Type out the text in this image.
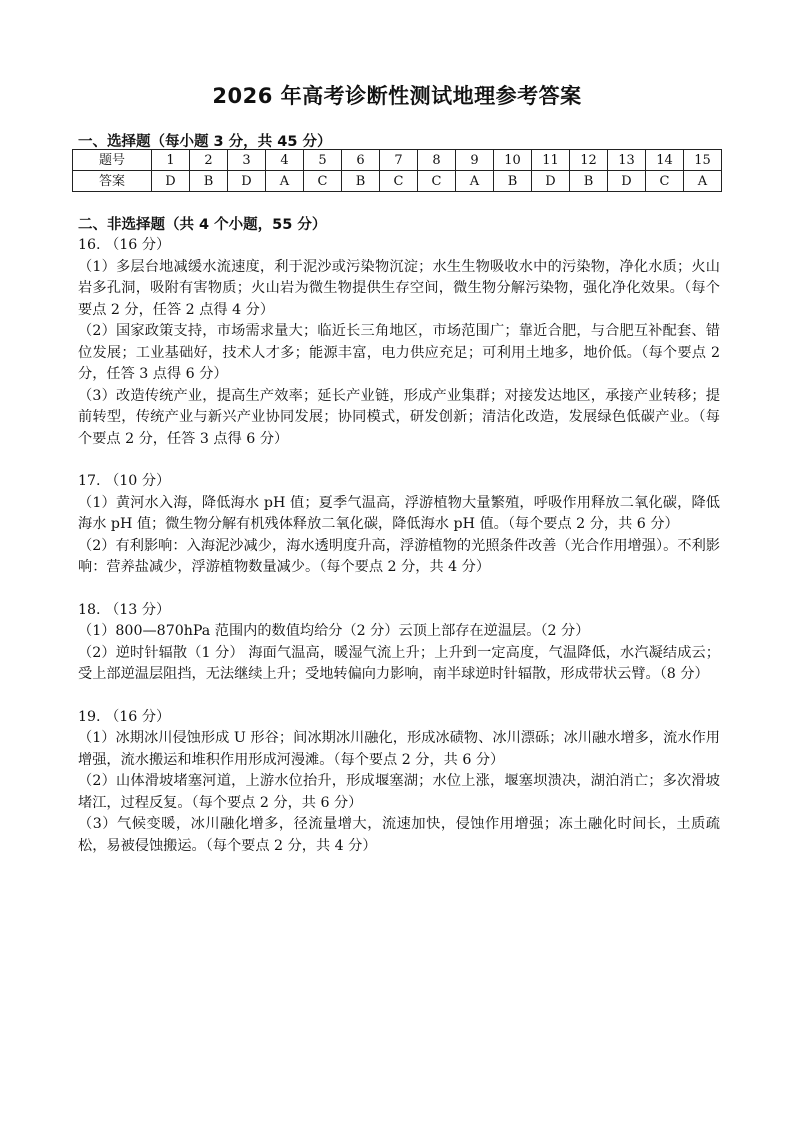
2026 年高考诊断性测试地理参考答案
一、选择题（每小题 3 分，共 45 分）
题号	1	2	3	4	5	6	7	8	9	10	11	12	13	14	15
答案	D	B	D	A	C	B	C	C	A	B	D	B	D	C	A
二、非选择题（共 4 个小题，55 分）

16. （16 分）

（1）多层台地减缓水流速度，利于泥沙或污染物沉淀；水生生物吸收水中的污染物，净化水质；火山岩多孔洞，吸附有害物质；火山岩为微生物提供生存空间，微生物分解污染物，强化净化效果。（每个要点 2 分，任答 2 点得 4 分）

（2）国家政策支持，市场需求量大；临近长三角地区，市场范围广；靠近合肥，与合肥互补配套、错位发展；工业基础好，技术人才多；能源丰富，电力供应充足；可利用土地多，地价低。（每个要点 2 分，任答 3 点得 6 分）

（3）改造传统产业，提高生产效率；延长产业链，形成产业集群；对接发达地区，承接产业转移；提前转型，传统产业与新兴产业协同发展；协同模式，研发创新；清洁化改造，发展绿色低碳产业。（每个要点 2 分，任答 3 点得 6 分）

17. （10 分）

（1）黄河水入海，降低海水 pH 值；夏季气温高，浮游植物大量繁殖，呼吸作用释放二氧化碳，降低海水 pH 值；微生物分解有机残体释放二氧化碳，降低海水 pH 值。（每个要点 2 分，共 6 分）

（2）有利影响：入海泥沙减少，海水透明度升高，浮游植物的光照条件改善（光合作用增强）。不利影响：营养盐减少，浮游植物数量减少。（每个要点 2 分，共 4 分）

18. （13 分）

（1）800—870hPa 范围内的数值均给分（2 分）云顶上部存在逆温层。（2 分）

（2）逆时针辐散（1 分） 海面气温高，暖湿气流上升；上升到一定高度，气温降低，水汽凝结成云；受上部逆温层阻挡，无法继续上升；受地转偏向力影响，南半球逆时针辐散，形成带状云臂。（8 分）

19. （16 分）

（1）冰期冰川侵蚀形成 U 形谷；间冰期冰川融化，形成冰碛物、冰川漂砾；冰川融水增多，流水作用增强，流水搬运和堆积作用形成河漫滩。（每个要点 2 分，共 6 分）

（2）山体滑坡堵塞河道，上游水位抬升，形成堰塞湖；水位上涨，堰塞坝溃决，湖泊消亡；多次滑坡堵江，过程反复。（每个要点 2 分，共 6 分）

（3）气候变暖，冰川融化增多，径流量增大，流速加快，侵蚀作用增强；冻土融化时间长，土质疏松，易被侵蚀搬运。（每个要点 2 分，共 4 分）
